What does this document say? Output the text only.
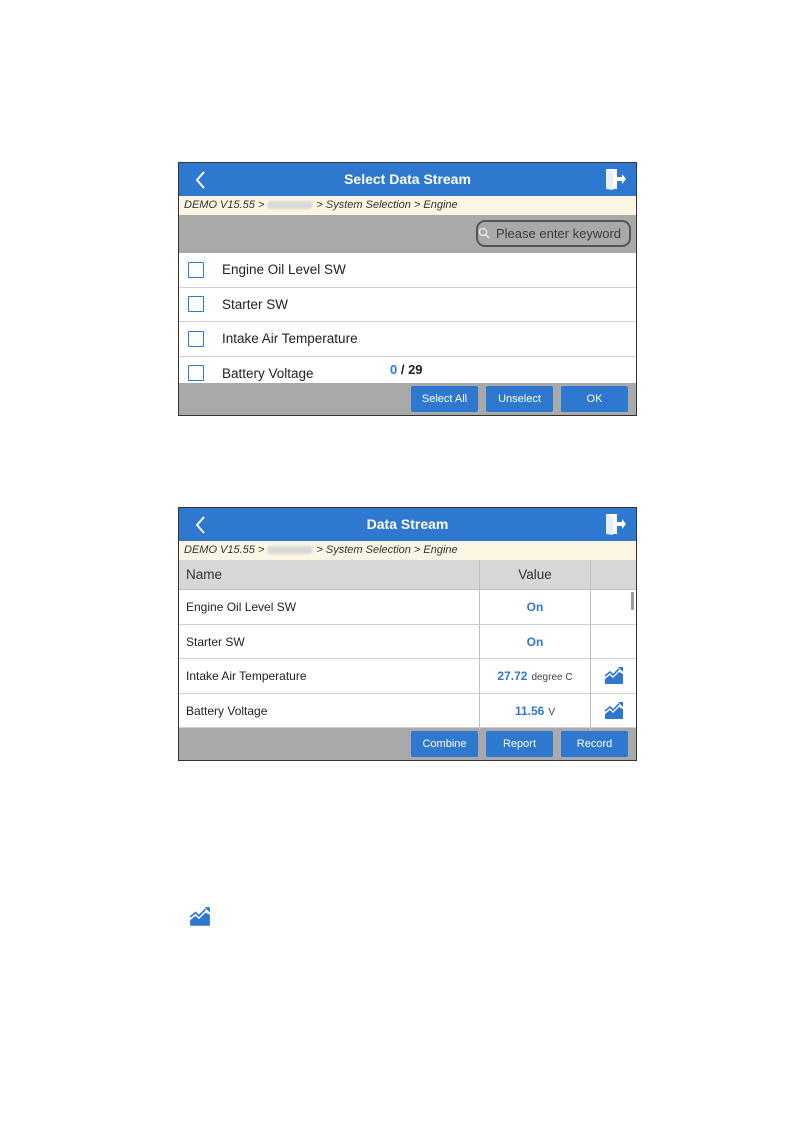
Select Data Stream
DEMO V15.55 >	> System Selection > Engine
Please enter keyword
Engine Oil Level SW
Starter SW
Intake Air Temperature
Battery Voltage	0 / 29
Select All	Unselect	OK
Data Stream
DEMO V15.55 >	> System Selection > Engine
Name	Value
Engine Oil Level SW	On
Starter SW	On
Intake Air Temperature	27.72 degree C
Battery Voltage	11.56 V
Combine	Report	Record
